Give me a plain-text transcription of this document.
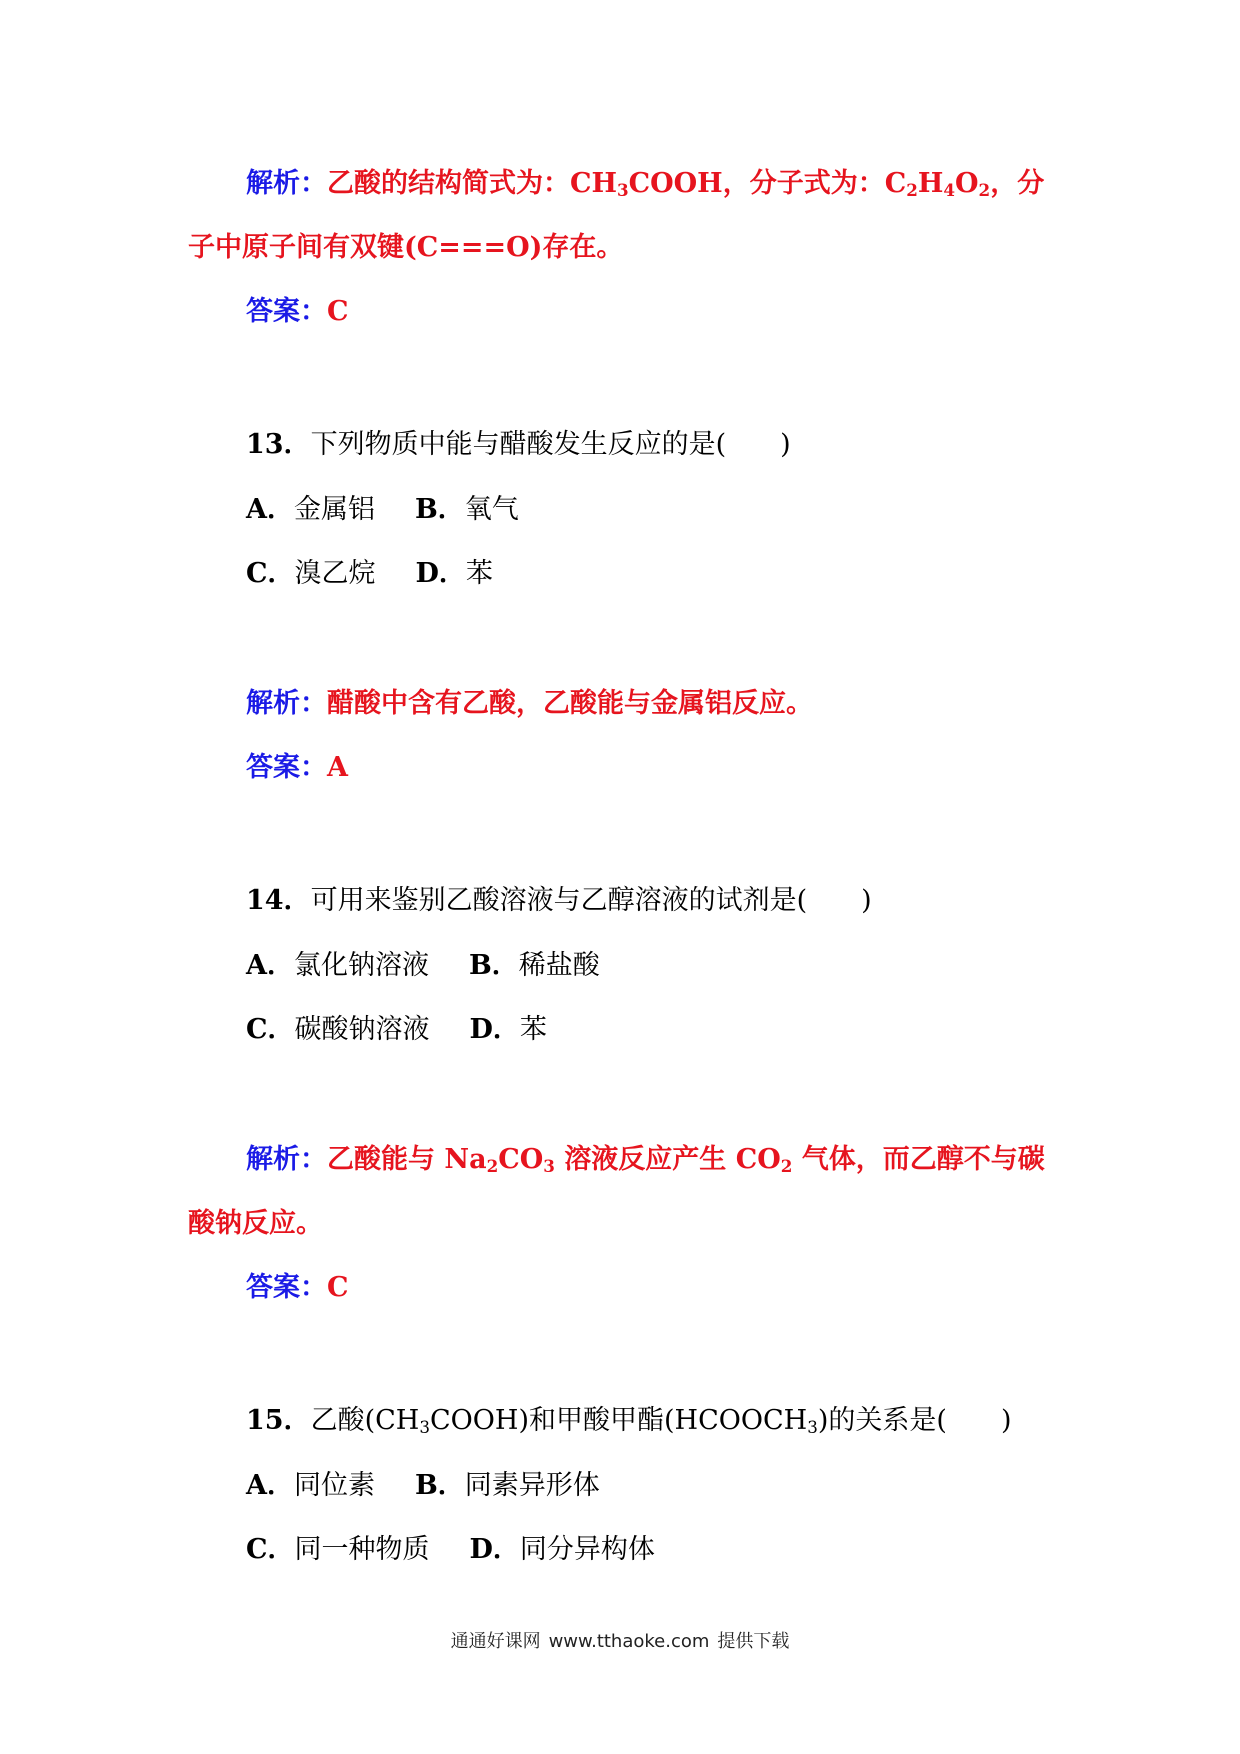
解析：乙酸的结构简式为：$CH_3COOH$，分子式为：$C_2H_4O_2$，分
子中原子间有双键(C===O)存在。
答案：C
13．下列物质中能与醋酸发生反应的是(　　)
A．金属铝 B．氧气
C．溴乙烷 D．苯
解析：醋酸中含有乙酸，乙酸能与金属铝反应。
答案：A
14．可用来鉴别乙酸溶液与乙醇溶液的试剂是(　　)
A．氯化钠溶液 B．稀盐酸
C．碳酸钠溶液 D．苯
解析：乙酸能与 $Na_2CO_3$ 溶液反应产生 $CO_2$ 气体，而乙醇不与碳
酸钠反应。
答案：C
15．乙酸$(CH_3COOH)$和甲酸甲酯$(HCOOCH_3)$的关系是(　　)
A．同位素 B．同素异形体
C．同一种物质 D．同分异构体
通通好课网 www.tthaoke.com 提供下载
